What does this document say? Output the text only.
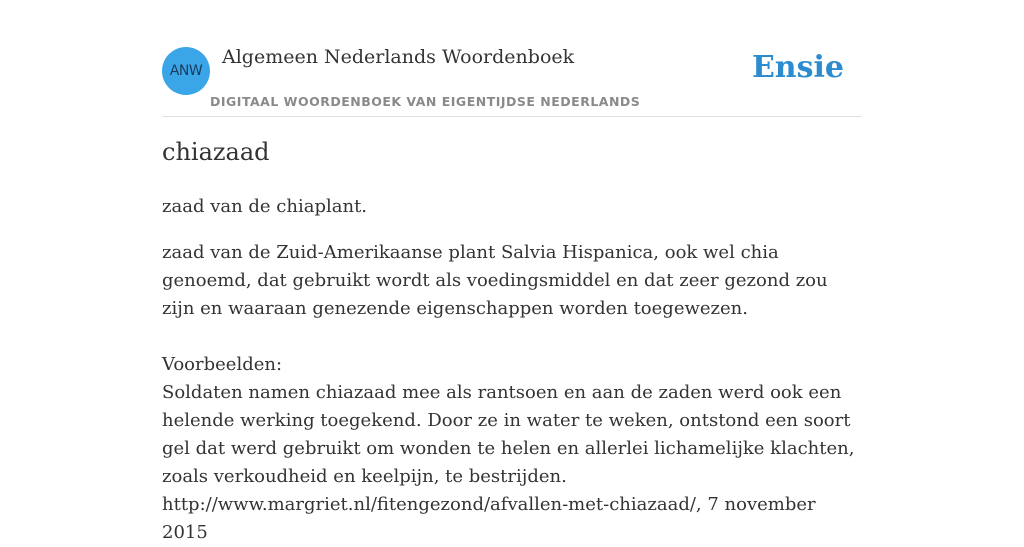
ANW
Algemeen Nederlands Woordenboek
DIGITAAL WOORDENBOEK VAN EIGENTIJDSE NEDERLANDS
Ensie
chiazaad

zaad van de chiaplant.

zaad van de Zuid-Amerikaanse plant Salvia Hispanica, ook wel chia genoemd, dat gebruikt wordt als voedingsmiddel en dat zeer gezond zou zijn en waaraan genezende eigenschappen worden toegewezen.

Voorbeelden:

Soldaten namen chiazaad mee als rantsoen en aan de zaden werd ook een helende werking toegekend. Door ze in water te weken, ontstond een soort gel dat werd gebruikt om wonden te helen en allerlei lichamelijke klachten, zoals verkoudheid en keelpijn, te bestrijden.

http://www.margriet.nl/fitengezond/afvallen-met-chiazaad/, 7 november 2015
